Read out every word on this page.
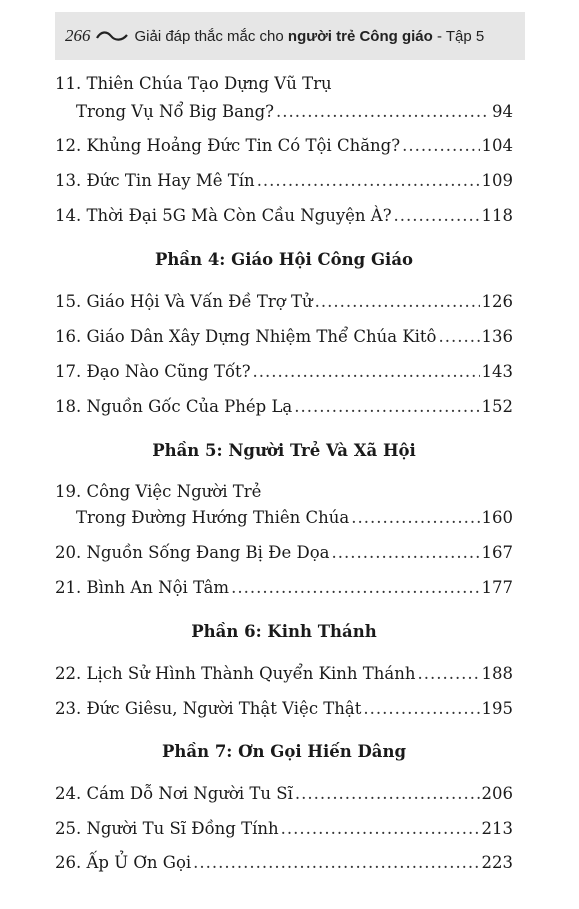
266	Giải đáp thắc mắc cho người trẻ Công giáo - Tập 5
11. Thiên Chúa Tạo Dựng Vũ Trụ
Trong Vụ Nổ Big Bang? .....	94
12. Khủng Hoảng Đức Tin Có Tội Chăng? .....	104
13. Đức Tin Hay Mê Tín .....	109
14. Thời Đại 5G Mà Còn Cầu Nguyện À? .....	118
Phần 4: Giáo Hội Công Giáo
15. Giáo Hội Và Vấn Đề Trợ Tử .....	126
16. Giáo Dân Xây Dựng Nhiệm Thể Chúa Kitô .....	136
17. Đạo Nào Cũng Tốt? .....	143
18. Nguồn Gốc Của Phép Lạ .....	152
Phần 5: Người Trẻ Và Xã Hội
19. Công Việc Người Trẻ
Trong Đường Hướng Thiên Chúa .....	160
20. Nguồn Sống Đang Bị Đe Dọa .....	167
21. Bình An Nội Tâm .....	177
Phần 6: Kinh Thánh
22. Lịch Sử Hình Thành Quyển Kinh Thánh .....	188
23. Đức Giêsu, Người Thật Việc Thật .....	195
Phần 7: Ơn Gọi Hiến Dâng
24. Cám Dỗ Nơi Người Tu Sĩ .....	206
25. Người Tu Sĩ Đồng Tính .....	213
26. Ấp Ủ Ơn Gọi .....	223
